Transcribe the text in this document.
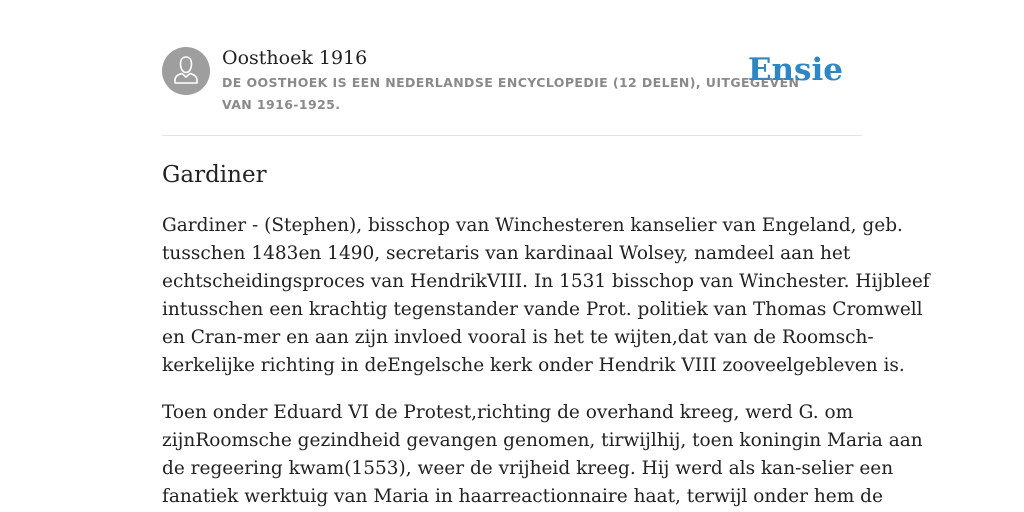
Oosthoek 1916
DE OOSTHOEK IS EEN NEDERLANDSE ENCYCLOPEDIE (12 DELEN), UITGEGEVEN
VAN 1916-1925.
Ensie
Gardiner

Gardiner - (Stephen), bisschop van Winchesteren kanselier van Engeland, geb.
tusschen 1483en 1490, secretaris van kardinaal Wolsey, namdeel aan het
echtscheidingsproces van HendrikVIII. In 1531 bisschop van Winchester. Hijbleef
intusschen een krachtig tegenstander vande Prot. politiek van Thomas Cromwell
en Cran-mer en aan zijn invloed vooral is het te wijten,dat van de Roomsch-
kerkelijke richting in deEngelsche kerk onder Hendrik VIII zooveelgebleven is.

Toen onder Eduard VI de Protest,richting de overhand kreeg, werd G. om
zijnRoomsche gezindheid gevangen genomen, tirwijlhij, toen koningin Maria aan
de regeering kwam(1553), weer de vrijheid kreeg. Hij werd als kan-selier een
fanatiek werktuig van Maria in haarreactionnaire haat, terwijl onder hem de
